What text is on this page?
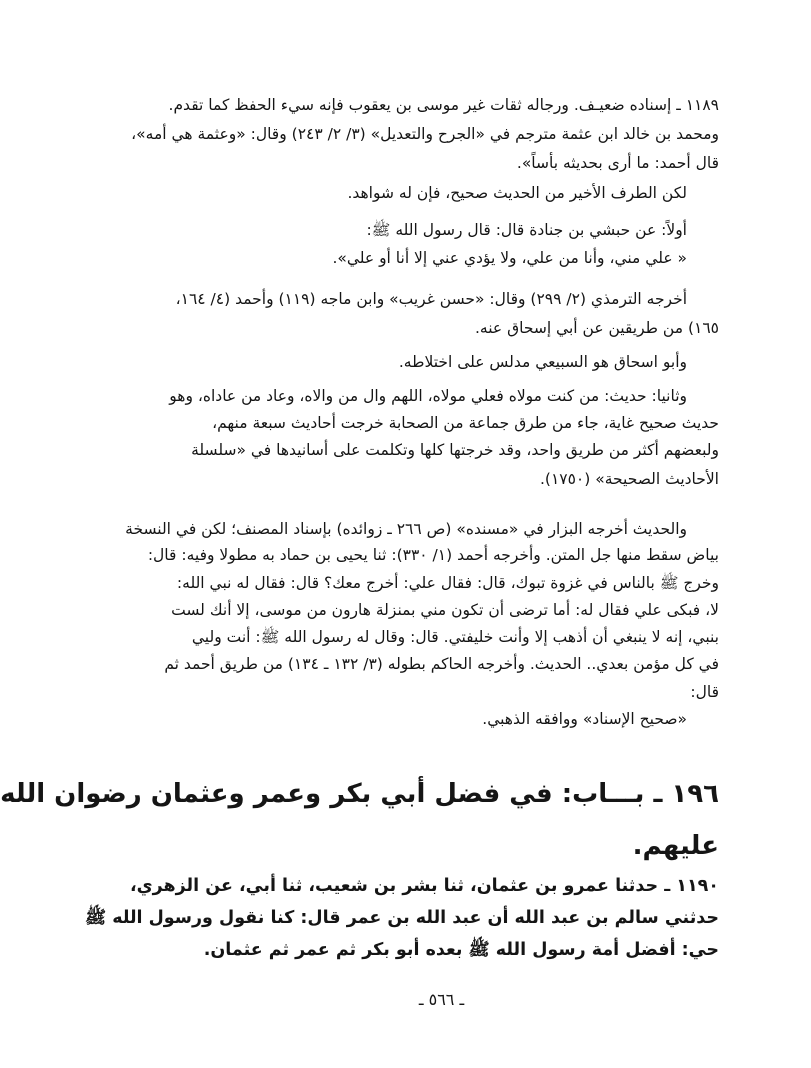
١١٨٩ ـ إسناده ضعيـف. ورجاله ثقات غير موسى بن يعقوب فإنه سيء الحفظ كما تقدم.
ومحمد بن خالد ابن عثمة مترجم في «الجرح والتعديل» (٣/ ٢/ ٢٤٣) وقال: «وعثمة هي أمه»،
قال أحمد: ما أرى بحديثه بأساً».
لكن الطرف الأخير من الحديث صحيح، فإن له شواهد.
أولاً: عن حبشي بن جنادة قال: قال رسول الله ﷺ:
« علي مني، وأنا من علي، ولا يؤدي عني إلا أنا أو علي».
أخرجه الترمذي (٢/ ٢٩٩) وقال: «حسن غريب» وابن ماجه (١١٩) وأحمد (٤/ ١٦٤،
١٦٥) من طريقين عن أبي إسحاق عنه.
وأبو اسحاق هو السبيعي مدلس على اختلاطه.
وثانيا: حديث: من كنت مولاه فعلي مولاه، اللهم وال من والاه، وعاد من عاداه، وهو
حديث صحيح غاية، جاء من طرق جماعة من الصحابة خرجت أحاديث سبعة منهم،
ولبعضهم أكثر من طريق واحد، وقد خرجتها كلها وتكلمت على أسانيدها في «سلسلة
الأحاديث الصحيحة» (١٧٥٠).
والحديث أخرجه البزار في «مسنده» (ص ٢٦٦ ـ زوائده) بإسناد المصنف؛ لكن في النسخة
بياض سقط منها جل المتن. وأخرجه أحمد (١/ ٣٣٠): ثنا يحيى بن حماد به مطولا وفيه: قال:
وخرج ﷺ بالناس في غزوة تبوك، قال: فقال علي: أخرج معك؟ قال: فقال له نبي الله:
لا، فبكى علي فقال له: أما ترضى أن تكون مني بمنزلة هارون من موسى، إلا أنك لست
بنبي، إنه لا ينبغي أن أذهب إلا وأنت خليفتي. قال: وقال له رسول الله ﷺ: أنت وليي
في كل مؤمن بعدي.. الحديث. وأخرجه الحاكم بطوله (٣/ ١٣٢ ـ ١٣٤) من طريق أحمد ثم
قال:
«صحيح الإسناد» ووافقه الذهبي.
١٩٦ ـ بـــاب: في فضل أبي بكر وعمر وعثمان رضوان الله
عليهم.
١١٩٠ ـ حدثنا عمرو بن عثمان، ثنا بشر بن شعيب، ثنا أبي، عن الزهري،
حدثني سالم بن عبد الله أن عبد الله بن عمر قال: كنا نقول ورسول الله ﷺ
حي: أفضل أمة رسول الله ﷺ بعده أبو بكر ثم عمر ثم عثمان.
ـ ٥٦٦ ـ
